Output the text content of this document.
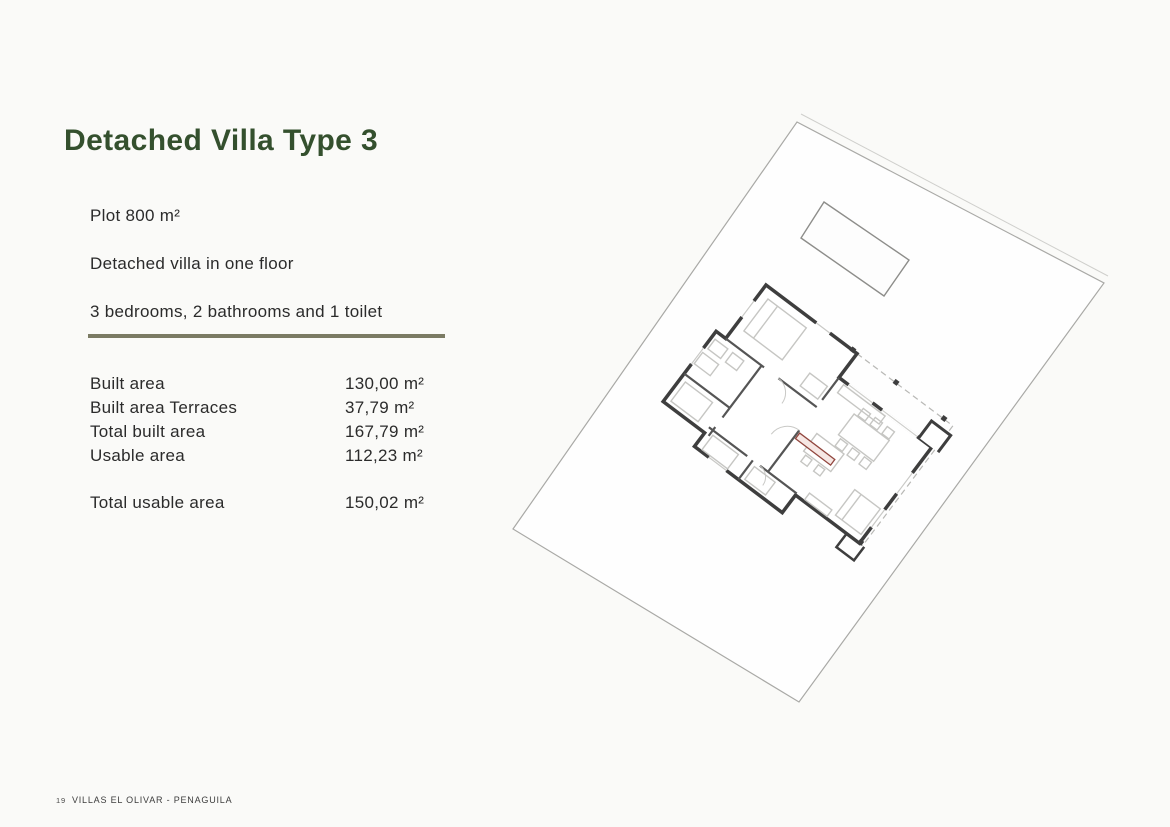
Detached Villa Type 3
Plot 800 m²
Detached villa in one floor
3 bedrooms, 2 bathrooms and 1 toilet
Built area	130,00 m²
Built area Terraces	37,79 m²
Total built area	167,79 m²
Usable area	112,23 m²
Total usable area	150,02 m²
19 VILLAS EL OLIVAR - PENAGUILA
